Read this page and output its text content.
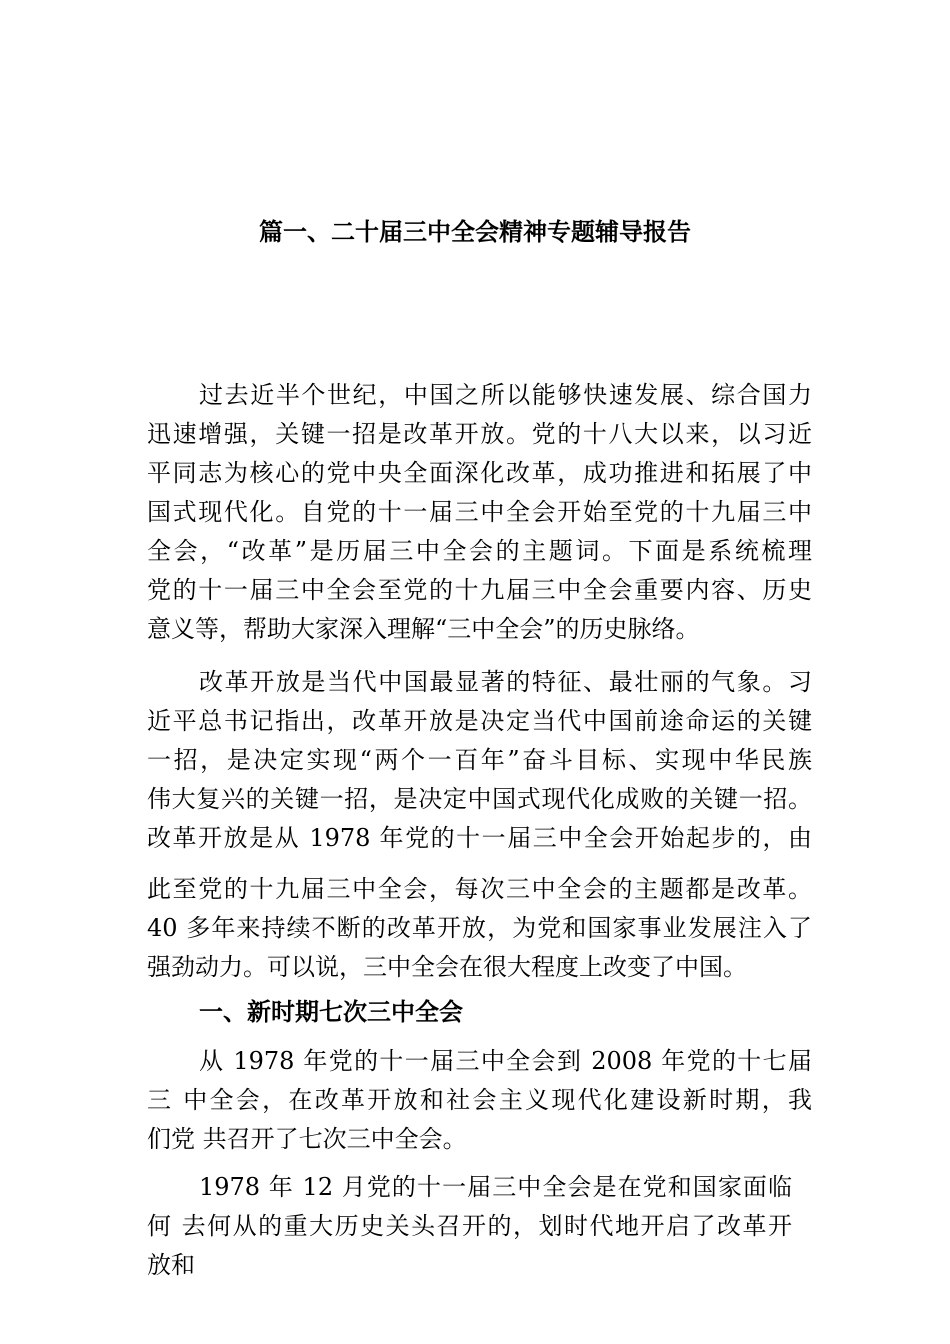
篇一、二十届三中全会精神专题辅导报告

过去近半个世纪，中国之所以能够快速发展、综合国力
迅速增强，关键一招是改革开放。党的十八大以来，以习近
平同志为核心的党中央全面深化改革，成功推进和拓展了中
国式现代化。自党的十一届三中全会开始至党的十九届三中
全会，“改革”是历届三中全会的主题词。下面是系统梳理
党的十一届三中全会至党的十九届三中全会重要内容、历史
意义等，帮助大家深入理解“三中全会”的历史脉络。

改革开放是当代中国最显著的特征、最壮丽的气象。习
近平总书记指出，改革开放是决定当代中国前途命运的关键
一招，是决定实现“两个一百年”奋斗目标、实现中华民族
伟大复兴的关键一招，是决定中国式现代化成败的关键一招。
改革开放是从 1978 年党的十一届三中全会开始起步的，由

此至党的十九届三中全会，每次三中全会的主题都是改革。
40 多年来持续不断的改革开放，为党和国家事业发展注入了
强劲动力。可以说，三中全会在很大程度上改变了中国。

一、新时期七次三中全会

从 1978 年党的十一届三中全会到 2008 年党的十七届
三 中全会，在改革开放和社会主义现代化建设新时期，我
们党 共召开了七次三中全会。

1978 年 12 月党的十一届三中全会是在党和国家面临
何 去何从的重大历史关头召开的，划时代地开启了改革开
放和
